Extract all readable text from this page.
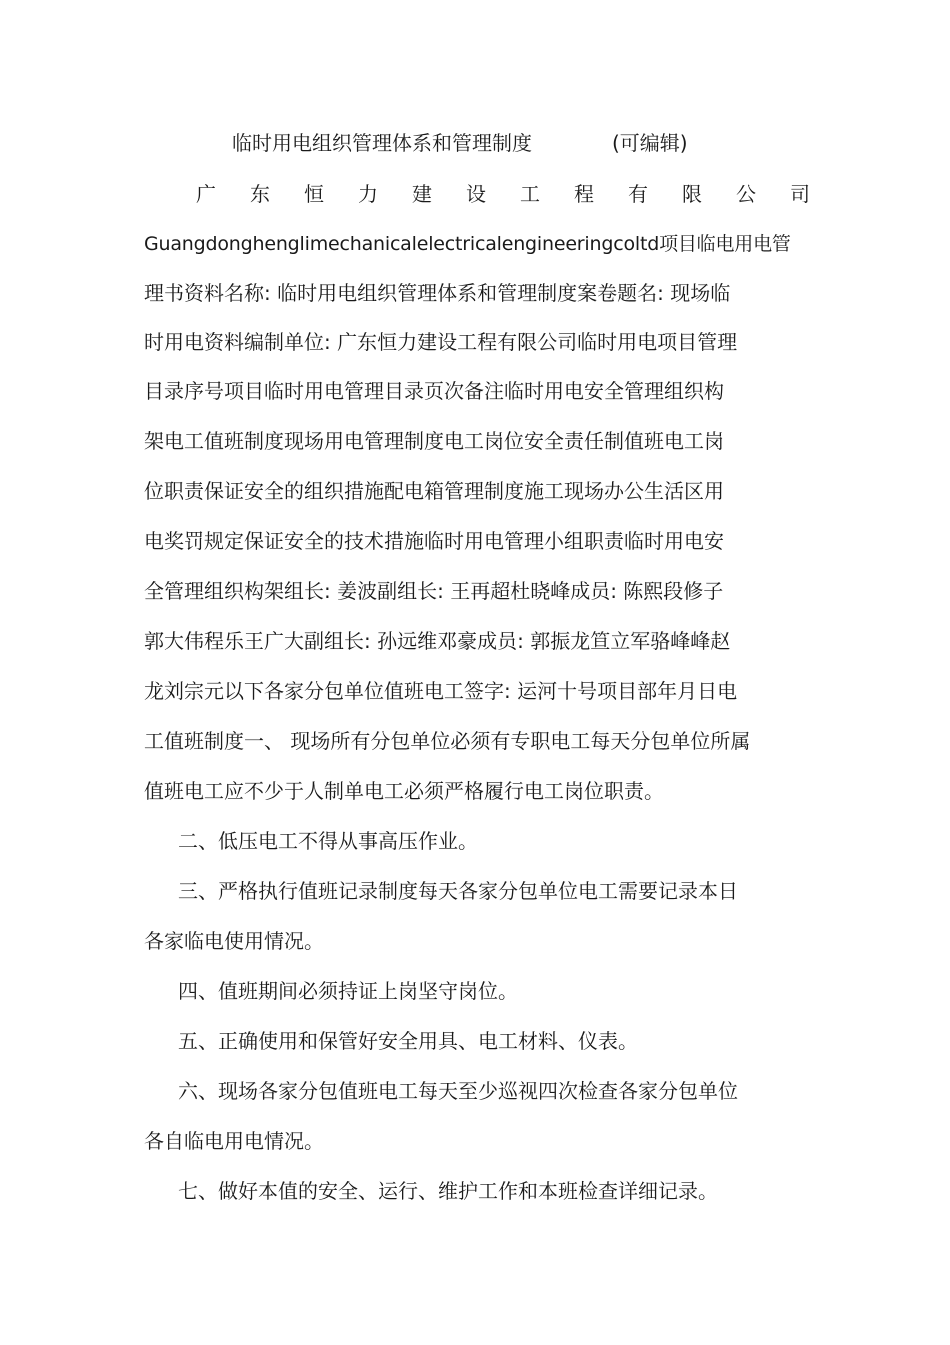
临时用电组织管理体系和管理制度	(可编辑)
广 东 恒 力 建 设 工 程 有 限 公 司
Guangdonghenglimechanicalelectricalengineeringcoltd项目临电用电管
理书资料名称: 临时用电组织管理体系和管理制度案卷题名: 现场临
时用电资料编制单位: 广东恒力建设工程有限公司临时用电项目管理
目录序号项目临时用电管理目录页次备注临时用电安全管理组织构
架电工值班制度现场用电管理制度电工岗位安全责任制值班电工岗
位职责保证安全的组织措施配电箱管理制度施工现场办公生活区用
电奖罚规定保证安全的技术措施临时用电管理小组职责临时用电安
全管理组织构架组长: 姜波副组长: 王再超杜晓峰成员: 陈熙段修子
郭大伟程乐王广大副组长: 孙远维邓豪成员: 郭振龙笪立军骆峰峰赵
龙刘宗元以下各家分包单位值班电工签字: 运河十号项目部年月日电
工值班制度一、 现场所有分包单位必须有专职电工每天分包单位所属
值班电工应不少于人制单电工必须严格履行电工岗位职责。
二、低压电工不得从事高压作业。
三、严格执行值班记录制度每天各家分包单位电工需要记录本日
各家临电使用情况。
四、值班期间必须持证上岗坚守岗位。
五、正确使用和保管好安全用具、电工材料、仪表。
六、现场各家分包值班电工每天至少巡视四次检查各家分包单位
各自临电用电情况。
七、做好本值的安全、运行、维护工作和本班检查详细记录。
